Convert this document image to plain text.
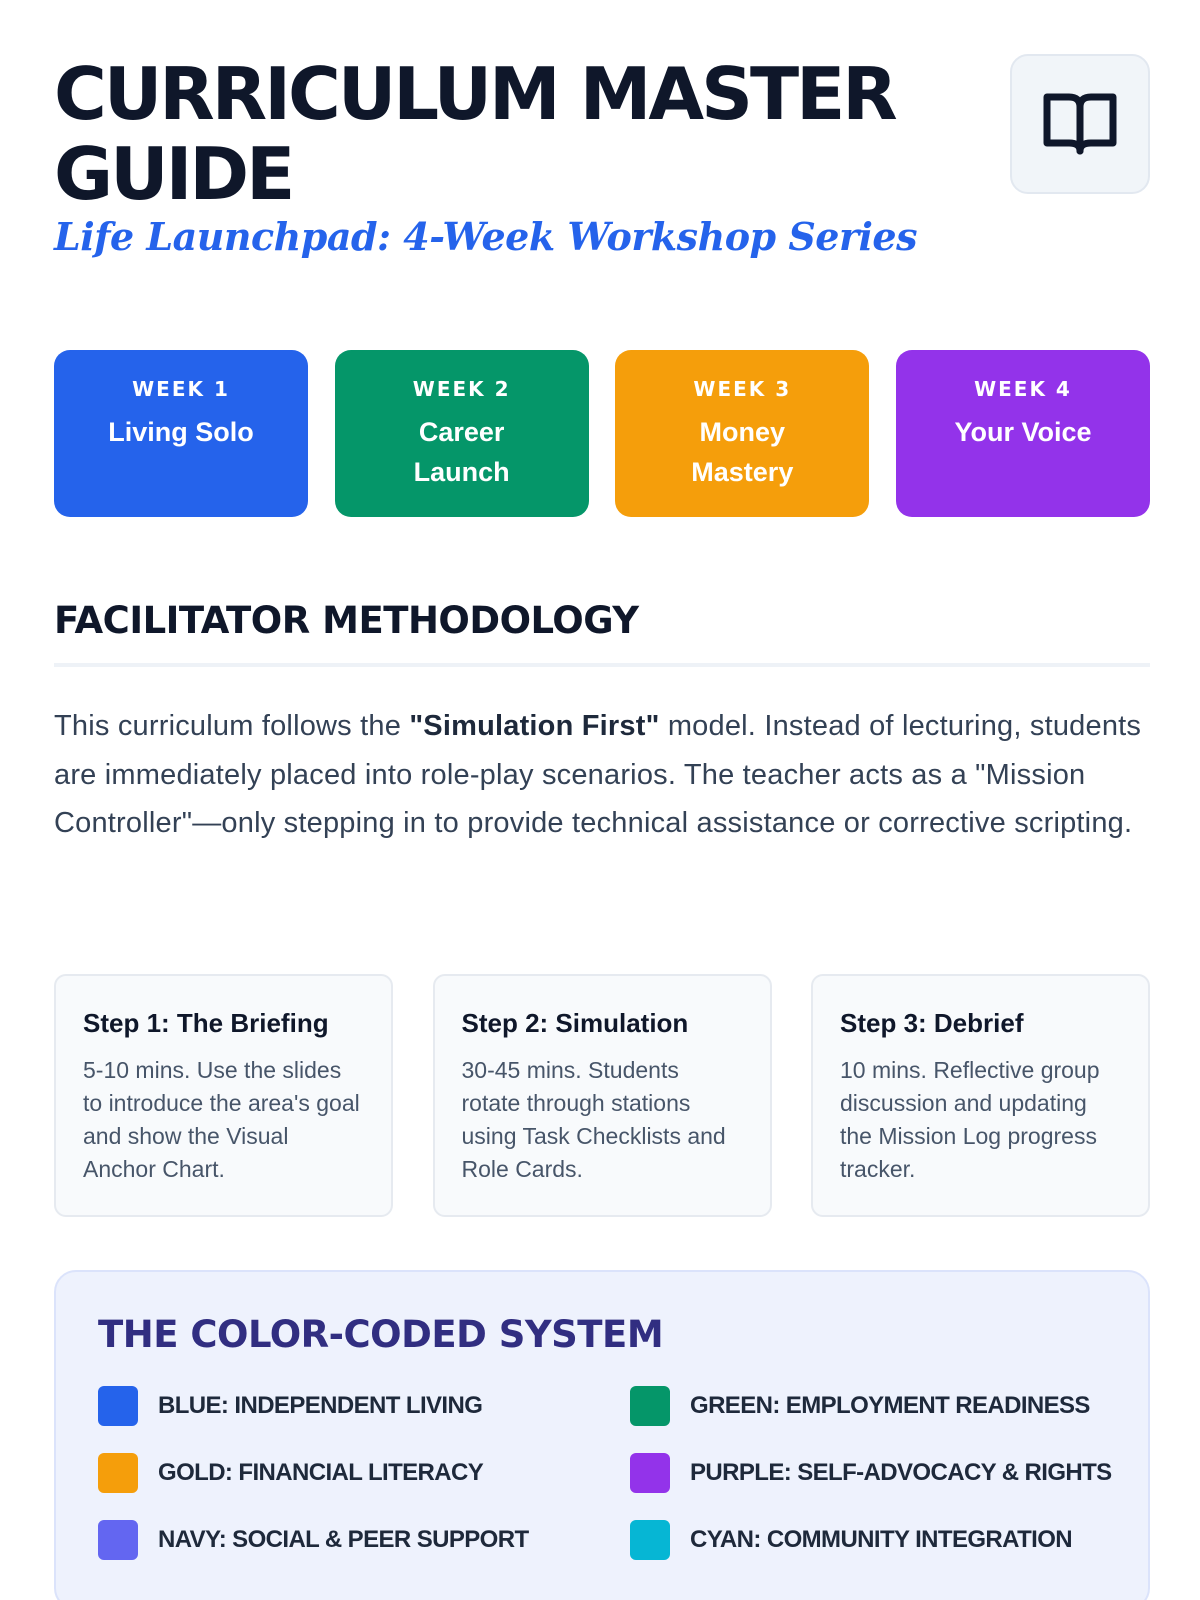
CURRICULUM MASTER GUIDE
Life Launchpad: 4-Week Workshop Series
WEEK 1
Living Solo
WEEK 2
Career Launch
WEEK 3
Money Mastery
WEEK 4
Your Voice
FACILITATOR METHODOLOGY

This curriculum follows the "Simulation First" model. Instead of lecturing, students are immediately placed into role-play scenarios. The teacher acts as a "Mission Controller"—only stepping in to provide technical assistance or corrective scripting.

Step 1: The Briefing
5-10 mins. Use the slides to introduce the area's goal and show the Visual Anchor Chart.
Step 2: Simulation
30-45 mins. Students rotate through stations using Task Checklists and Role Cards.
Step 3: Debrief
10 mins. Reflective group discussion and updating the Mission Log progress tracker.
THE COLOR-CODED SYSTEM
BLUE: INDEPENDENT LIVING	GREEN: EMPLOYMENT READINESS
GOLD: FINANCIAL LITERACY	PURPLE: SELF-ADVOCACY & RIGHTS
NAVY: SOCIAL & PEER SUPPORT	CYAN: COMMUNITY INTEGRATION
